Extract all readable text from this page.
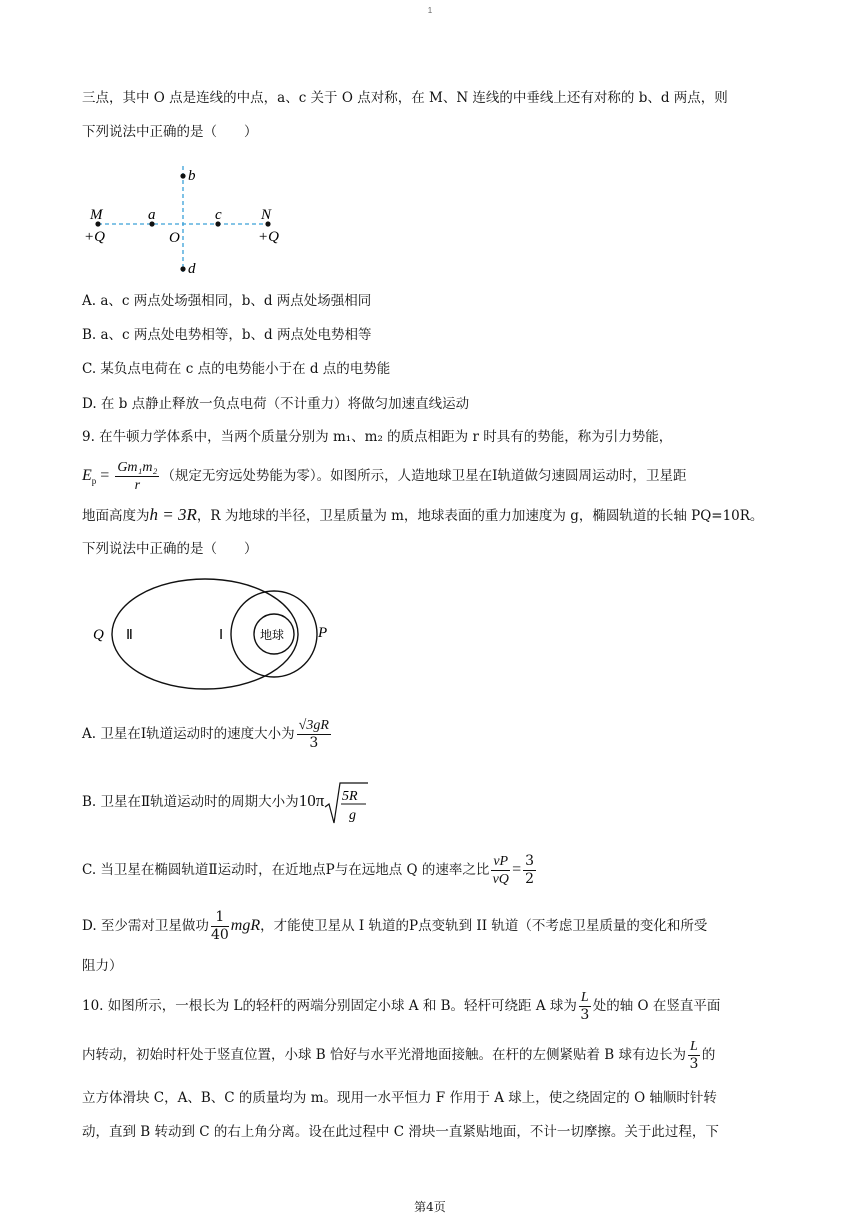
1
三点，其中 O 点是连线的中点，a、c 关于 O 点对称，在 M、N 连线的中垂线上还有对称的 b、d 两点，则
下列说法中正确的是（　　）
b
d
M	N
a	c
O
+Q	+Q
A. a、c 两点处场强相同，b、d 两点处场强相同
B. a、c 两点处电势相等，b、d 两点处电势相等
C. 某负点电荷在 c 点的电势能小于在 d 点的电势能
D. 在 b 点静止释放一负点电荷（不计重力）将做匀加速直线运动
9. 在牛顿力学体系中，当两个质量分别为 m₁、m₂ 的质点相距为 r 时具有的势能，称为引力势能，
$E_p = \frac{\text{Gm₁m₂}}{r}$ （规定无穷远处势能为零）。如图所示，人造地球卫星在Ⅰ轨道做匀速圆周运动时，卫星距
地面高度为h = 3R，R 为地球的半径，卫星质量为 m，地球表面的重力加速度为 g，椭圆轨道的长轴 PQ=10R。
下列说法中正确的是（　　）
Q Ⅱ	Ⅰ	地球 P
A. 卫星在Ⅰ轨道运动时的速度大小为 $\frac{√3gR}{3}$
B. 卫星在Ⅱ轨道运动时的周期大小为10π 5R
g
C. 当卫星在椭圆轨道Ⅱ运动时，在近地点P与在远地点 Q 的速率之比 $\frac{vP}{vQ} = \frac{3}{2}$
D. 至少需对卫星做功 $\frac{1}{40}$ mgR，才能使卫星从 I 轨道的P点变轨到 II 轨道（不考虑卫星质量的变化和所受
阻力）
10. 如图所示，一根长为 L的轻杆的两端分别固定小球 A 和 B。轻杆可绕距 A 球为 $\frac{L}{3}$ 处的轴 O 在竖直平面
内转动，初始时杆处于竖直位置，小球 B 恰好与水平光滑地面接触。在杆的左侧紧贴着 B 球有边长为 $\frac{L}{3}$ 的
立方体滑块 C，A、B、C 的质量均为 m。现用一水平恒力 F 作用于 A 球上，使之绕固定的 O 轴顺时针转
动，直到 B 转动到 C 的右上角分离。设在此过程中 C 滑块一直紧贴地面，不计一切摩擦。关于此过程，下
第4页
